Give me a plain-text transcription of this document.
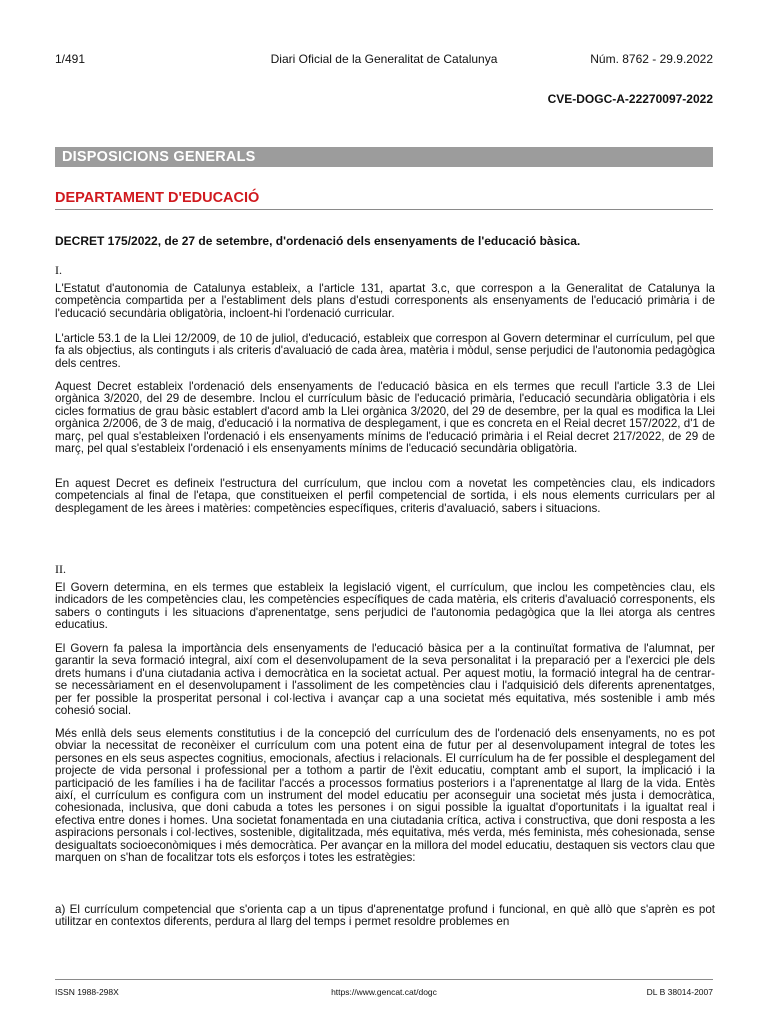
1/491	Diari Oficial de la Generalitat de Catalunya	Núm. 8762 - 29.9.2022
CVE-DOGC-A-22270097-2022
DISPOSICIONS GENERALS
DEPARTAMENT D'EDUCACIÓ
DECRET 175/2022, de 27 de setembre, d'ordenació dels ensenyaments de l'educació bàsica.
I.
L'Estatut d'autonomia de Catalunya estableix, a l'article 131, apartat 3.c, que correspon a la Generalitat de Catalunya la competència compartida per a l'establiment dels plans d'estudi corresponents als ensenyaments de l'educació primària i de l'educació secundària obligatòria, incloent-hi l'ordenació curricular.
L'article 53.1 de la Llei 12/2009, de 10 de juliol, d'educació, estableix que correspon al Govern determinar el currículum, pel que fa als objectius, als continguts i als criteris d'avaluació de cada àrea, matèria i mòdul, sense perjudici de l'autonomia pedagògica dels centres.
Aquest Decret estableix l'ordenació dels ensenyaments de l'educació bàsica en els termes que recull l'article 3.3 de Llei orgànica 3/2020, del 29 de desembre. Inclou el currículum bàsic de l'educació primària, l'educació secundària obligatòria i els cicles formatius de grau bàsic establert d'acord amb la Llei orgànica 3/2020, del 29 de desembre, per la qual es modifica la Llei orgànica 2/2006, de 3 de maig, d'educació i la normativa de desplegament, i que es concreta en el Reial decret 157/2022, d'1 de març, pel qual s'estableixen l'ordenació i els ensenyaments mínims de l'educació primària i el Reial decret 217/2022, de 29 de març, pel qual s'estableix l'ordenació i els ensenyaments mínims de l'educació secundària obligatòria.
En aquest Decret es defineix l'estructura del currículum, que inclou com a novetat les competències clau, els indicadors competencials al final de l'etapa, que constitueixen el perfil competencial de sortida, i els nous elements curriculars per al desplegament de les àrees i matèries: competències específiques, criteris d'avaluació, sabers i situacions.
II.
El Govern determina, en els termes que estableix la legislació vigent, el currículum, que inclou les competències clau, els indicadors de les competències clau, les competències específiques de cada matèria, els criteris d'avaluació corresponents, els sabers o continguts i les situacions d'aprenentatge, sens perjudici de l'autonomia pedagògica que la llei atorga als centres educatius.
El Govern fa palesa la importància dels ensenyaments de l'educació bàsica per a la continuïtat formativa de l'alumnat, per garantir la seva formació integral, així com el desenvolupament de la seva personalitat i la preparació per a l'exercici ple dels drets humans i d'una ciutadania activa i democràtica en la societat actual. Per aquest motiu, la formació integral ha de centrar-se necessàriament en el desenvolupament i l'assoliment de les competències clau i l'adquisició dels diferents aprenentatges, per fer possible la prosperitat personal i col·lectiva i avançar cap a una societat més equitativa, més sostenible i amb més cohesió social.
Més enllà dels seus elements constitutius i de la concepció del currículum des de l'ordenació dels ensenyaments, no es pot obviar la necessitat de reconèixer el currículum com una potent eina de futur per al desenvolupament integral de totes les persones en els seus aspectes cognitius, emocionals, afectius i relacionals. El currículum ha de fer possible el desplegament del projecte de vida personal i professional per a tothom a partir de l'èxit educatiu, comptant amb el suport, la implicació i la participació de les famílies i ha de facilitar l'accés a processos formatius posteriors i a l'aprenentatge al llarg de la vida. Entès així, el currículum es configura com un instrument del model educatiu per aconseguir una societat més justa i democràtica, cohesionada, inclusiva, que doni cabuda a totes les persones i on sigui possible la igualtat d'oportunitats i la igualtat real i efectiva entre dones i homes. Una societat fonamentada en una ciutadania crítica, activa i constructiva, que doni resposta a les aspiracions personals i col·lectives, sostenible, digitalitzada, més equitativa, més verda, més feminista, més cohesionada, sense desigualtats socioeconòmiques i més democràtica. Per avançar en la millora del model educatiu, destaquen sis vectors clau que marquen on s'han de focalitzar tots els esforços i totes les estratègies:
a) El currículum competencial que s'orienta cap a un tipus d'aprenentatge profund i funcional, en què allò que s'aprèn es pot utilitzar en contextos diferents, perdura al llarg del temps i permet resoldre problemes en
ISSN 1988-298X	https://www.gencat.cat/dogc	DL B 38014-2007
